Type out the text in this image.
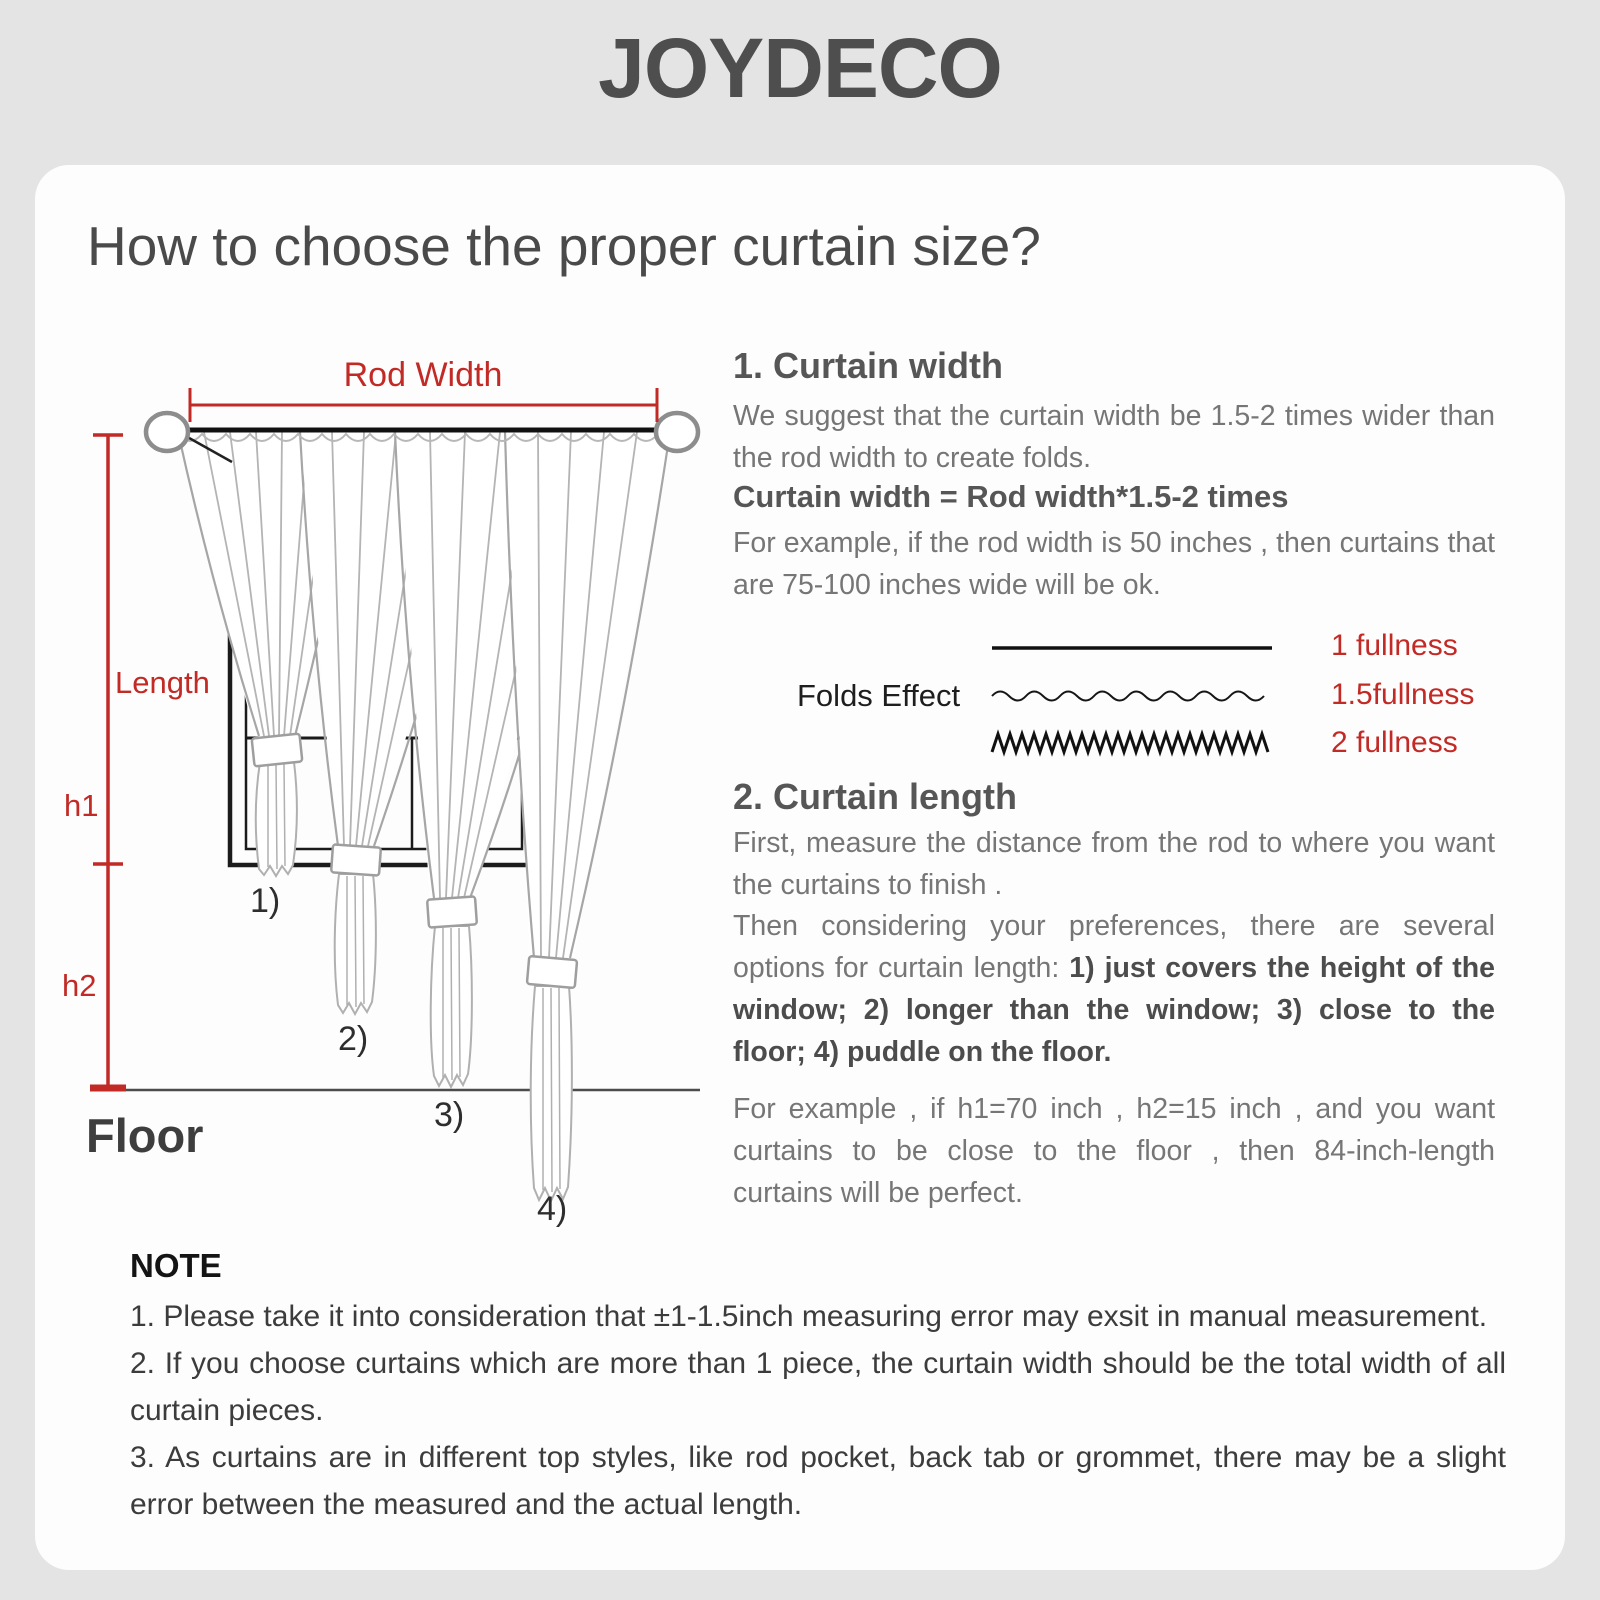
JOYDECO
How to choose the proper curtain size?
Rod Width
Length
h1
h2
Floor
1)
2)
3)
4)
1. Curtain width
We suggest that the curtain width be 1.5-2 times wider than the rod width to create folds.
Curtain width = Rod width*1.5-2 times
For example, if the rod width is 50 inches , then curtains that are 75-100 inches wide will be ok.
Folds Effect
1 fullness
1.5fullness
2 fullness
2. Curtain length
First, measure the distance from the rod to where you want the curtains to finish .
Then considering your preferences, there are several options for curtain length: 1) just covers the height of the window; 2) longer than the window; 3) close to the floor; 4) puddle on the floor.
For example , if h1=70 inch , h2=15 inch , and you want curtains to be close to the floor , then 84-inch-length curtains will be perfect.
NOTE
1. Please take it into consideration that ±1-1.5inch measuring error may exsit in manual measurement.
2. If you choose curtains which are more than 1 piece, the curtain width should be the total width of all curtain pieces.
3. As curtains are in different top styles, like rod pocket, back tab or grommet, there may be a slight error between the measured and the actual length.
